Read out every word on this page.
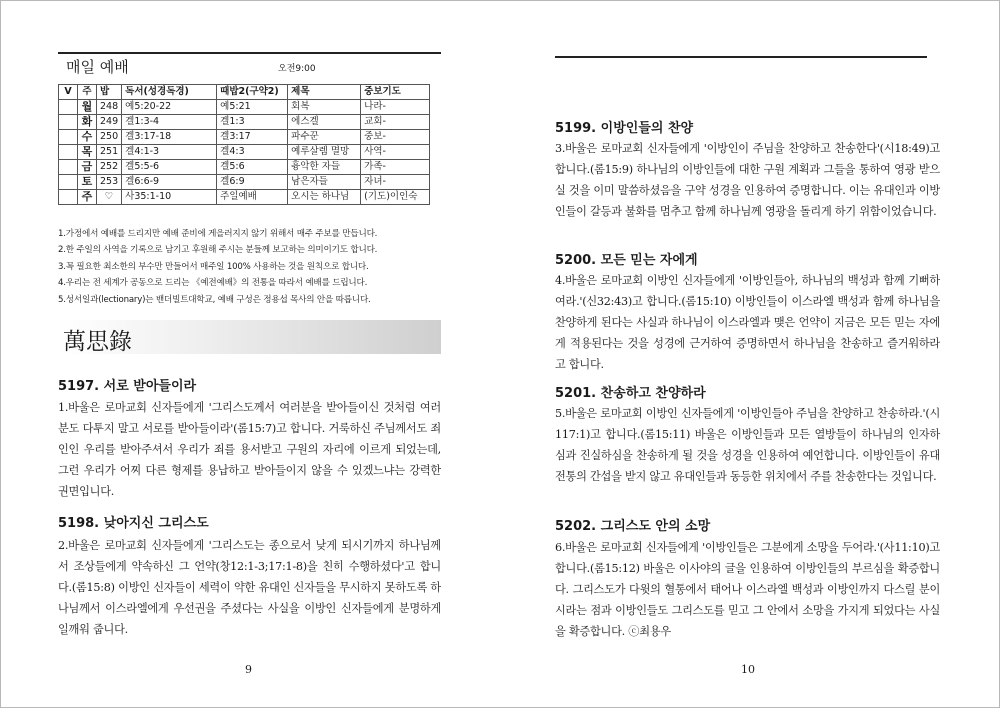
매일 예배	오전9:00
V	주	밥	독서(성경독경)	때밥2(구약2)	제목	중보기도
	월	248	예5:20-22	예5:21	회복	나라-
	화	249	겔1:3-4	겔1:3	에스겔	교회-
	수	250	겔3:17-18	겔3:17	파수꾼	중보-
	목	251	겔4:1-3	겔4:3	예루살렘 멸망	사역-
	금	252	겔5:5-6	겔5:6	흉악한 자들	가족-
	토	253	겔6:6-9	겔6:9	남은자들	자녀-
	주	♡	사35:1-10	주일예배	오시는 하나님	(기도)이인숙
1.가정에서 예배를 드리지만 예배 준비에 게을러지지 않기 위해서 매주 주보를 만듭니다.
2.한 주일의 사역을 기록으로 남기고 후원해 주시는 분들께 보고하는 의미이기도 합니다.
3.꼭 필요한 최소한의 부수만 만들어서 매주일 100% 사용하는 것을 원칙으로 합니다.
4.우리는 전 세계가 공동으로 드리는 《예전예배》의 전통을 따라서 예배를 드립니다.
5.성서일과(lectionary)는 밴더빌트대학교, 예배 구성은 정용섭 목사의 안을 따릅니다.
萬思錄
5197. 서로 받아들이라
1.바울은 로마교회 신자들에게 '그리스도께서 여러분을 받아들이신 것처럼 여러분도 다투지 말고 서로를 받아들이라'(롬15:7)고 합니다. 거룩하신 주님께서도 죄인인 우리를 받아주셔서 우리가 죄를 용서받고 구원의 자리에 이르게 되었는데, 그런 우리가 어찌 다른 형제를 용납하고 받아들이지 않을 수 있겠느냐는 강력한 권면입니다.
5198. 낮아지신 그리스도
2.바울은 로마교회 신자들에게 '그리스도는 종으로서 낮게 되시기까지 하나님께서 조상들에게 약속하신 그 언약(창12:1-3;17:1-8)을 친히 수행하셨다'고 합니다.(롬15:8) 이방인 신자들이 세력이 약한 유대인 신자들을 무시하지 못하도록 하나님께서 이스라엘에게 우선권을 주셨다는 사실을 이방인 신자들에게 분명하게 일깨워 줍니다.
9
5199. 이방인들의 찬양
3.바울은 로마교회 신자들에게 '이방인이 주님을 찬양하고 찬송한다'(시18:49)고 합니다.(롬15:9) 하나님의 이방인들에 대한 구원 계획과 그들을 통하여 영광 받으실 것을 이미 말씀하셨음을 구약 성경을 인용하여 증명합니다. 이는 유대인과 이방인들이 갈등과 불화를 멈추고 함께 하나님께 영광을 돌리게 하기 위함이었습니다.
5200. 모든 믿는 자에게
4.바울은 로마교회 이방인 신자들에게 '이방인들아, 하나님의 백성과 함께 기뻐하여라.'(신32:43)고 합니다.(롬15:10) 이방인들이 이스라엘 백성과 함께 하나님을 찬양하게 된다는 사실과 하나님이 이스라엘과 맺은 언약이 지금은 모든 믿는 자에게 적용된다는 것을 성경에 근거하여 증명하면서 하나님을 찬송하고 즐거워하라고 합니다.
5201. 찬송하고 찬양하라
5.바울은 로마교회 이방인 신자들에게 '이방인들아 주님을 찬양하고 찬송하라.'(시117:1)고 합니다.(롬15:11) 바울은 이방인들과 모든 열방들이 하나님의 인자하심과 진실하심을 찬송하게 될 것을 성경을 인용하여 예언합니다. 이방인들이 유대 전통의 간섭을 받지 않고 유대인들과 동등한 위치에서 주를 찬송한다는 것입니다.
5202. 그리스도 안의 소망
6.바울은 로마교회 신자들에게 '이방인들은 그분에게 소망을 두어라.'(사11:10)고 합니다.(롬15:12) 바울은 이사야의 글을 인용하여 이방인들의 부르심을 확증합니다. 그리스도가 다윗의 혈통에서 태어나 이스라엘 백성과 이방인까지 다스릴 분이시라는 점과 이방인들도 그리스도를 믿고 그 안에서 소망을 가지게 되었다는 사실을 확증합니다. ⓒ최용우
10
